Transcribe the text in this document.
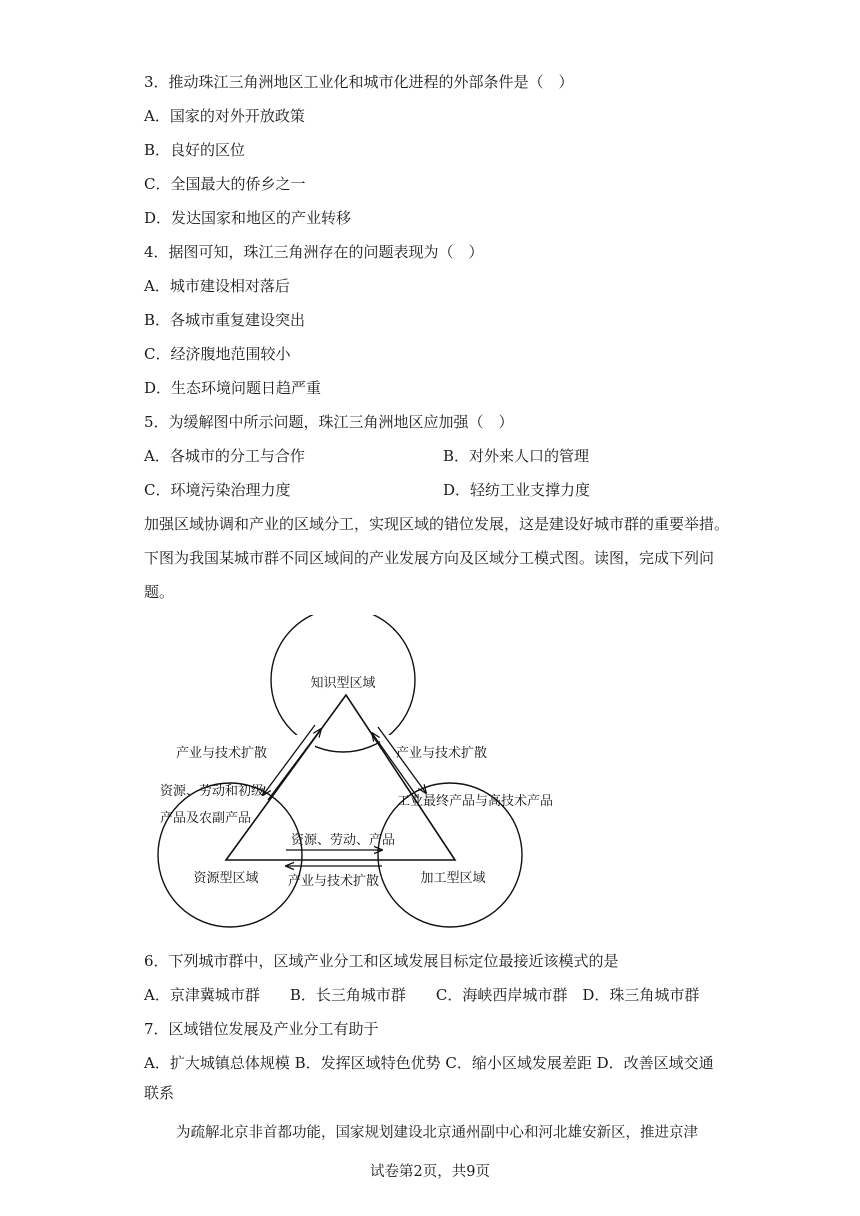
3．推动珠江三角洲地区工业化和城市化进程的外部条件是（　）
A．国家的对外开放政策
B．良好的区位
C．全国最大的侨乡之一
D．发达国家和地区的产业转移
4．据图可知，珠江三角洲存在的问题表现为（　）
A．城市建设相对落后
B．各城市重复建设突出
C．经济腹地范围较小
D．生态环境问题日趋严重
5．为缓解图中所示问题，珠江三角洲地区应加强（　）
A．各城市的分工与合作	B．对外来人口的管理
C．环境污染治理力度	D．轻纺工业支撑力度
加强区域协调和产业的区域分工，实现区域的错位发展，这是建设好城市群的重要举措。
下图为我国某城市群不同区域间的产业发展方向及区域分工模式图。读图，完成下列问
题。
知识型区域
资源型区域	加工型区域
产业与技术扩散
资源、劳动和初级
产品及农副产品
产业与技术扩散
工业最终产品与高技术产品
资源、劳动、产品
产业与技术扩散
6．下列城市群中，区域产业分工和区域发展目标定位最接近该模式的是
A．京津冀城市群　　B．长三角城市群　　C．海峡西岸城市群　D．珠三角城市群
7．区域错位发展及产业分工有助于
A．扩大城镇总体规模 B．发挥区域特色优势 C．缩小区域发展差距 D．改善区域交通
联系
为疏解北京非首都功能，国家规划建设北京通州副中心和河北雄安新区，推进京津
试卷第2页，共9页
